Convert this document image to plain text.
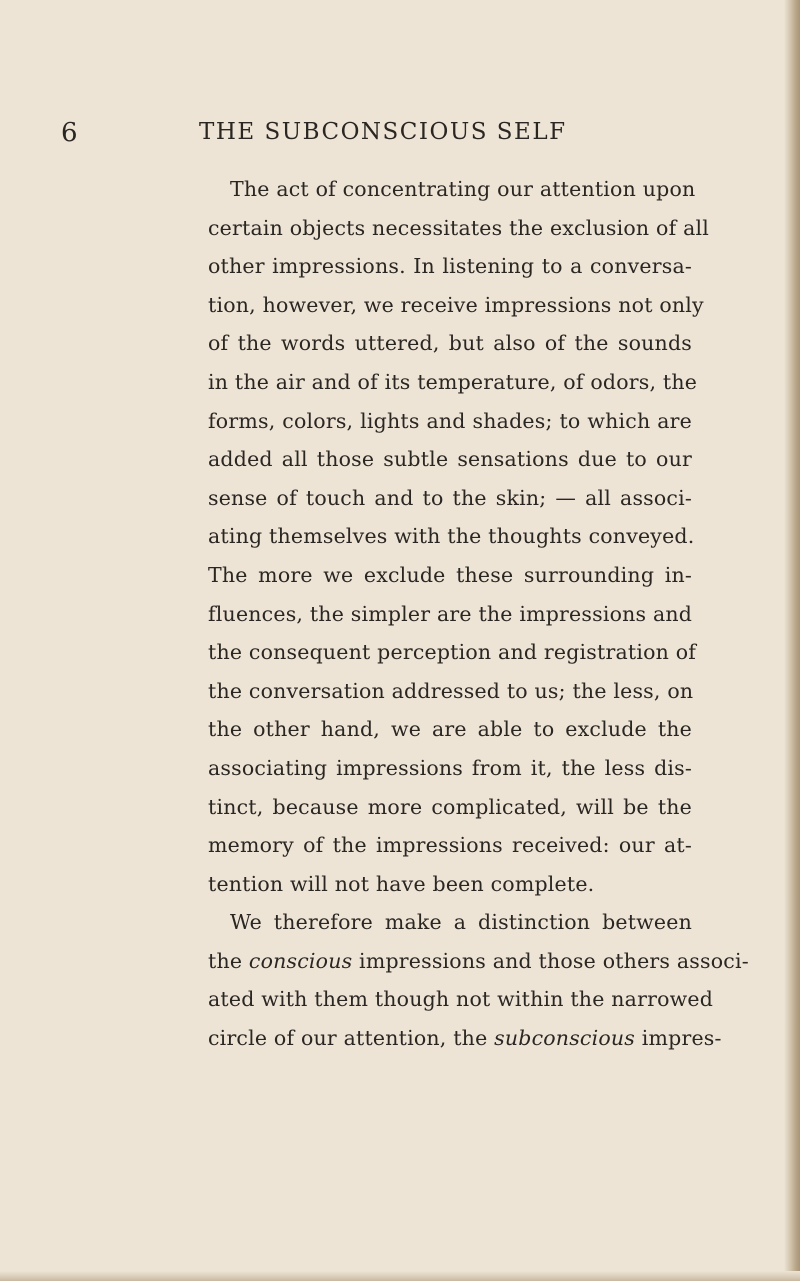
6	THE SUBCONSCIOUS SELF
The act of concentrating our attention upon
certain objects necessitates the exclusion of all
other impressions. In listening to a conversa-
tion, however, we receive impressions not only
of the words uttered, but also of the sounds
in the air and of its temperature, of odors, the
forms, colors, lights and shades; to which are
added all those subtle sensations due to our
sense of touch and to the skin; — all associ-
ating themselves with the thoughts conveyed.
The more we exclude these surrounding in-
fluences, the simpler are the impressions and
the consequent perception and registration of
the conversation addressed to us; the less, on
the other hand, we are able to exclude the
associating impressions from it, the less dis-
tinct, because more complicated, will be the
memory of the impressions received: our at-
tention will not have been complete.
We therefore make a distinction between
the conscious impressions and those others associ-
ated with them though not within the narrowed
circle of our attention, the subconscious impres-
